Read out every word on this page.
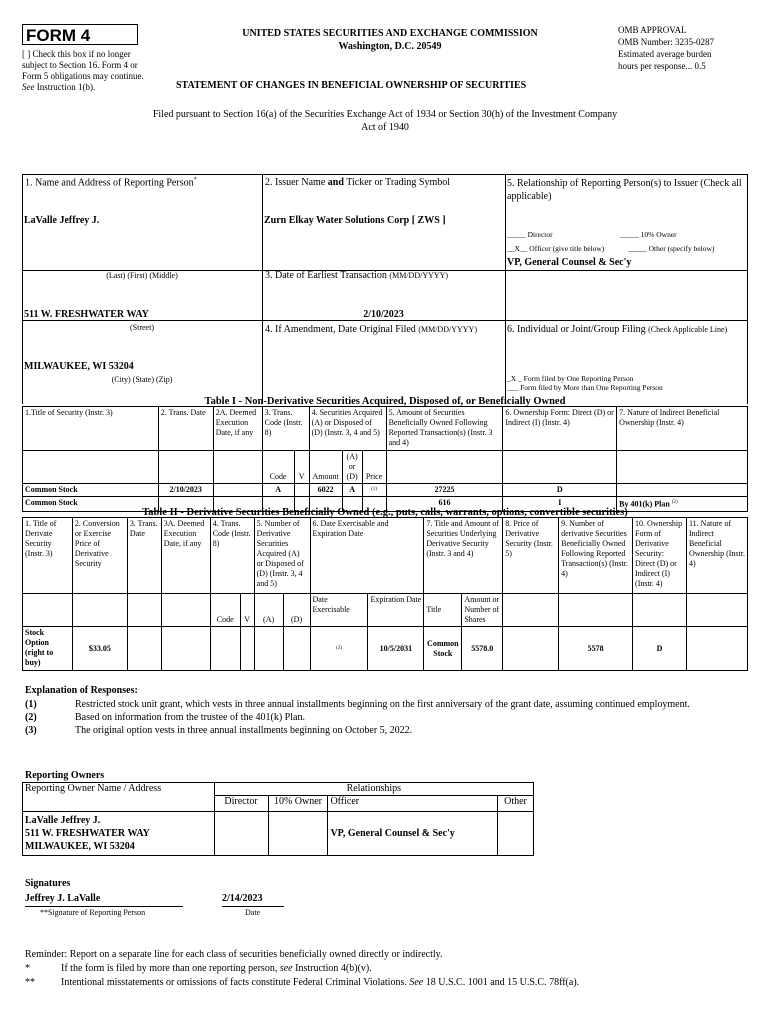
FORM 4
[ ] Check this box if no longer subject to Section 16. Form 4 or Form 5 obligations may continue. See Instruction 1(b).
UNITED STATES SECURITIES AND EXCHANGE COMMISSION
Washington, D.C. 20549
STATEMENT OF CHANGES IN BENEFICIAL OWNERSHIP OF SECURITIES
OMB APPROVAL
OMB Number: 3235-0287
Estimated average burden
hours per response... 0.5
Filed pursuant to Section 16(a) of the Securities Exchange Act of 1934 or Section 30(h) of the Investment Company Act of 1940
1. Name and Address of Reporting Person*
LaValle Jeffrey J.
(Last) (First) (Middle)
511 W. FRESHWATER WAY
(Street)
MILWAUKEE, WI 53204
(City) (State) (Zip)
2. Issuer Name and Ticker or Trading Symbol
Zurn Elkay Water Solutions Corp [ ZWS ]
3. Date of Earliest Transaction (MM/DD/YYYY)
2/10/2023
4. If Amendment, Date Original Filed (MM/DD/YYYY)
5. Relationship of Reporting Person(s) to Issuer (Check all applicable)
_____ Director	_____ 10% Owner
__X__ Officer (give title below)	_____ Other (specify below)
VP, General Counsel & Sec'y
6. Individual or Joint/Group Filing (Check Applicable Line)
_X _ Form filed by One Reporting Person
___ Form filed by More than One Reporting Person
Table I - Non-Derivative Securities Acquired, Disposed of, or Beneficially Owned
1.Title of Security (Instr. 3)	2. Trans. Date	2A. Deemed Execution Date, if any	3. Trans. Code (Instr. 8)		4. Securities Acquired (A) or Disposed of (D) (Instr. 3, 4 and 5)			5. Amount of Securities Beneficially Owned Following Reported Transaction(s) (Instr. 3 and 4)	6. Ownership Form: Direct (D) or Indirect (I) (Instr. 4)	7. Nature of Indirect Beneficial Ownership (Instr. 4)
			Code	V	Amount	(A) or (D)	Price			
Common Stock	2/10/2023		A		6022	A	(1)	27225	D	
Common Stock								616	I	By 401(k) Plan $^{(2)}$
Table II - Derivative Securities Beneficially Owned (e.g., puts, calls, warrants, options, convertible securities)
1. Title of Derivate Security (Instr. 3)	2. Conversion or Exercise Price of Derivative Security	3. Trans. Date	3A. Deemed Execution Date, if any	4. Trans. Code (Instr. 8)		5. Number of Derivative Securities Acquired (A) or Disposed of (D) (Instr. 3, 4 and 5)		6. Date Exercisable and Expiration Date		7. Title and Amount of Securities Underlying Derivative Security (Instr. 3 and 4)		8. Price of Derivative Security (Instr. 5)	9. Number of derivative Securities Beneficially Owned Following Reported Transaction(s) (Instr. 4)	10. Ownership Form of Derivative Security: Direct (D) or Indirect (I) (Instr. 4)	11. Nature of Indirect Beneficial Ownership (Instr. 4)
				Code	V	(A)	(D)	Date Exercisable	Expiration Date	Title	Amount or Number of Shares				
Stock Option (right to buy)	$33.05							(3)	10/5/2031	Common Stock	5578.0		5578	D	
Explanation of Responses:
(1)	Restricted stock unit grant, which vests in three annual installments beginning on the first anniversary of the grant date, assuming continued employment.
(2)	Based on information from the trustee of the 401(k) Plan.
(3)	The original option vests in three annual installments beginning on October 5, 2022.
Reporting Owners
Reporting Owner Name / Address	Relationships			
	Director	10% Owner	Officer	Other

LaValle Jeffrey J.
511 W. FRESHWATER WAY
MILWAUKEE, WI 53204			VP, General Counsel & Sec'y	
Signatures
Jeffrey J. LaValle	2/14/2023
**Signature of Reporting Person	Date
Reminder: Report on a separate line for each class of securities beneficially owned directly or indirectly.
*	If the form is filed by more than one reporting person, see Instruction 4(b)(v).
**	Intentional misstatements or omissions of facts constitute Federal Criminal Violations. See 18 U.S.C. 1001 and 15 U.S.C. 78ff(a).
